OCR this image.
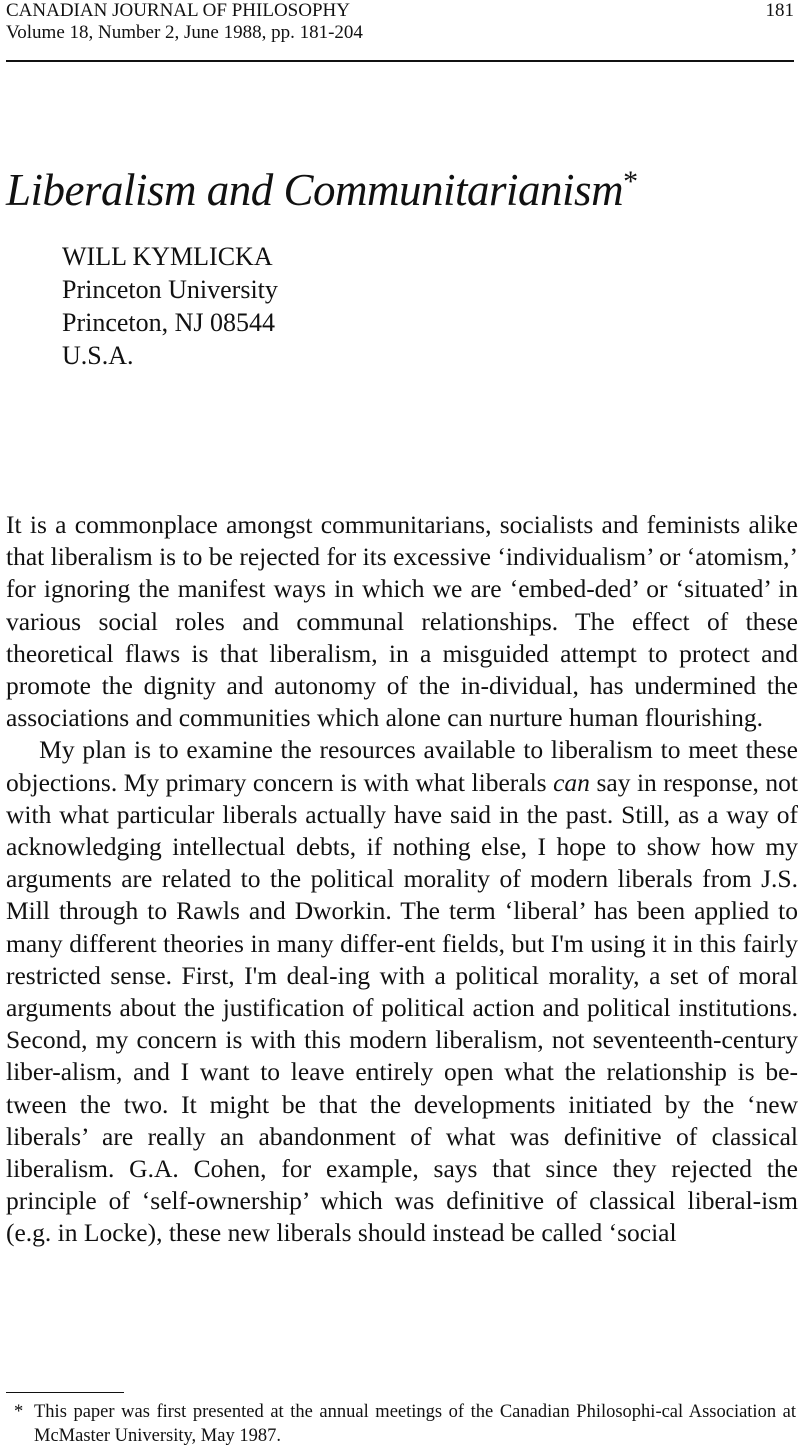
CANADIAN JOURNAL OF PHILOSOPHY
Volume 18, Number 2, June 1988, pp. 181-204
181
Liberalism and Communitarianism*
WILL KYMLICKA
Princeton University
Princeton, NJ 08544
U.S.A.

It is a commonplace amongst communitarians, socialists and feminists alike that liberalism is to be rejected for its excessive ‘individualism’ or ‘atomism,’ for ignoring the manifest ways in which we are ‘embed-ded’ or ‘situated’ in various social roles and communal relationships. The effect of these theoretical flaws is that liberalism, in a misguided attempt to protect and promote the dignity and autonomy of the in-dividual, has undermined the associations and communities which alone can nurture human flourishing.

My plan is to examine the resources available to liberalism to meet these objections. My primary concern is with what liberals can say in response, not with what particular liberals actually have said in the past. Still, as a way of acknowledging intellectual debts, if nothing else, I hope to show how my arguments are related to the political morality of modern liberals from J.S. Mill through to Rawls and Dworkin. The term ‘liberal’ has been applied to many different theories in many differ-ent fields, but I'm using it in this fairly restricted sense. First, I'm deal-ing with a political morality, a set of moral arguments about the justification of political action and political institutions. Second, my concern is with this modern liberalism, not seventeenth-century liber-alism, and I want to leave entirely open what the relationship is be-tween the two. It might be that the developments initiated by the ‘new liberals’ are really an abandonment of what was definitive of classical liberalism. G.A. Cohen, for example, says that since they rejected the principle of ‘self-ownership’ which was definitive of classical liberal-ism (e.g. in Locke), these new liberals should instead be called ‘social

* This paper was first presented at the annual meetings of the Canadian Philosophi-cal Association at McMaster University, May 1987.
